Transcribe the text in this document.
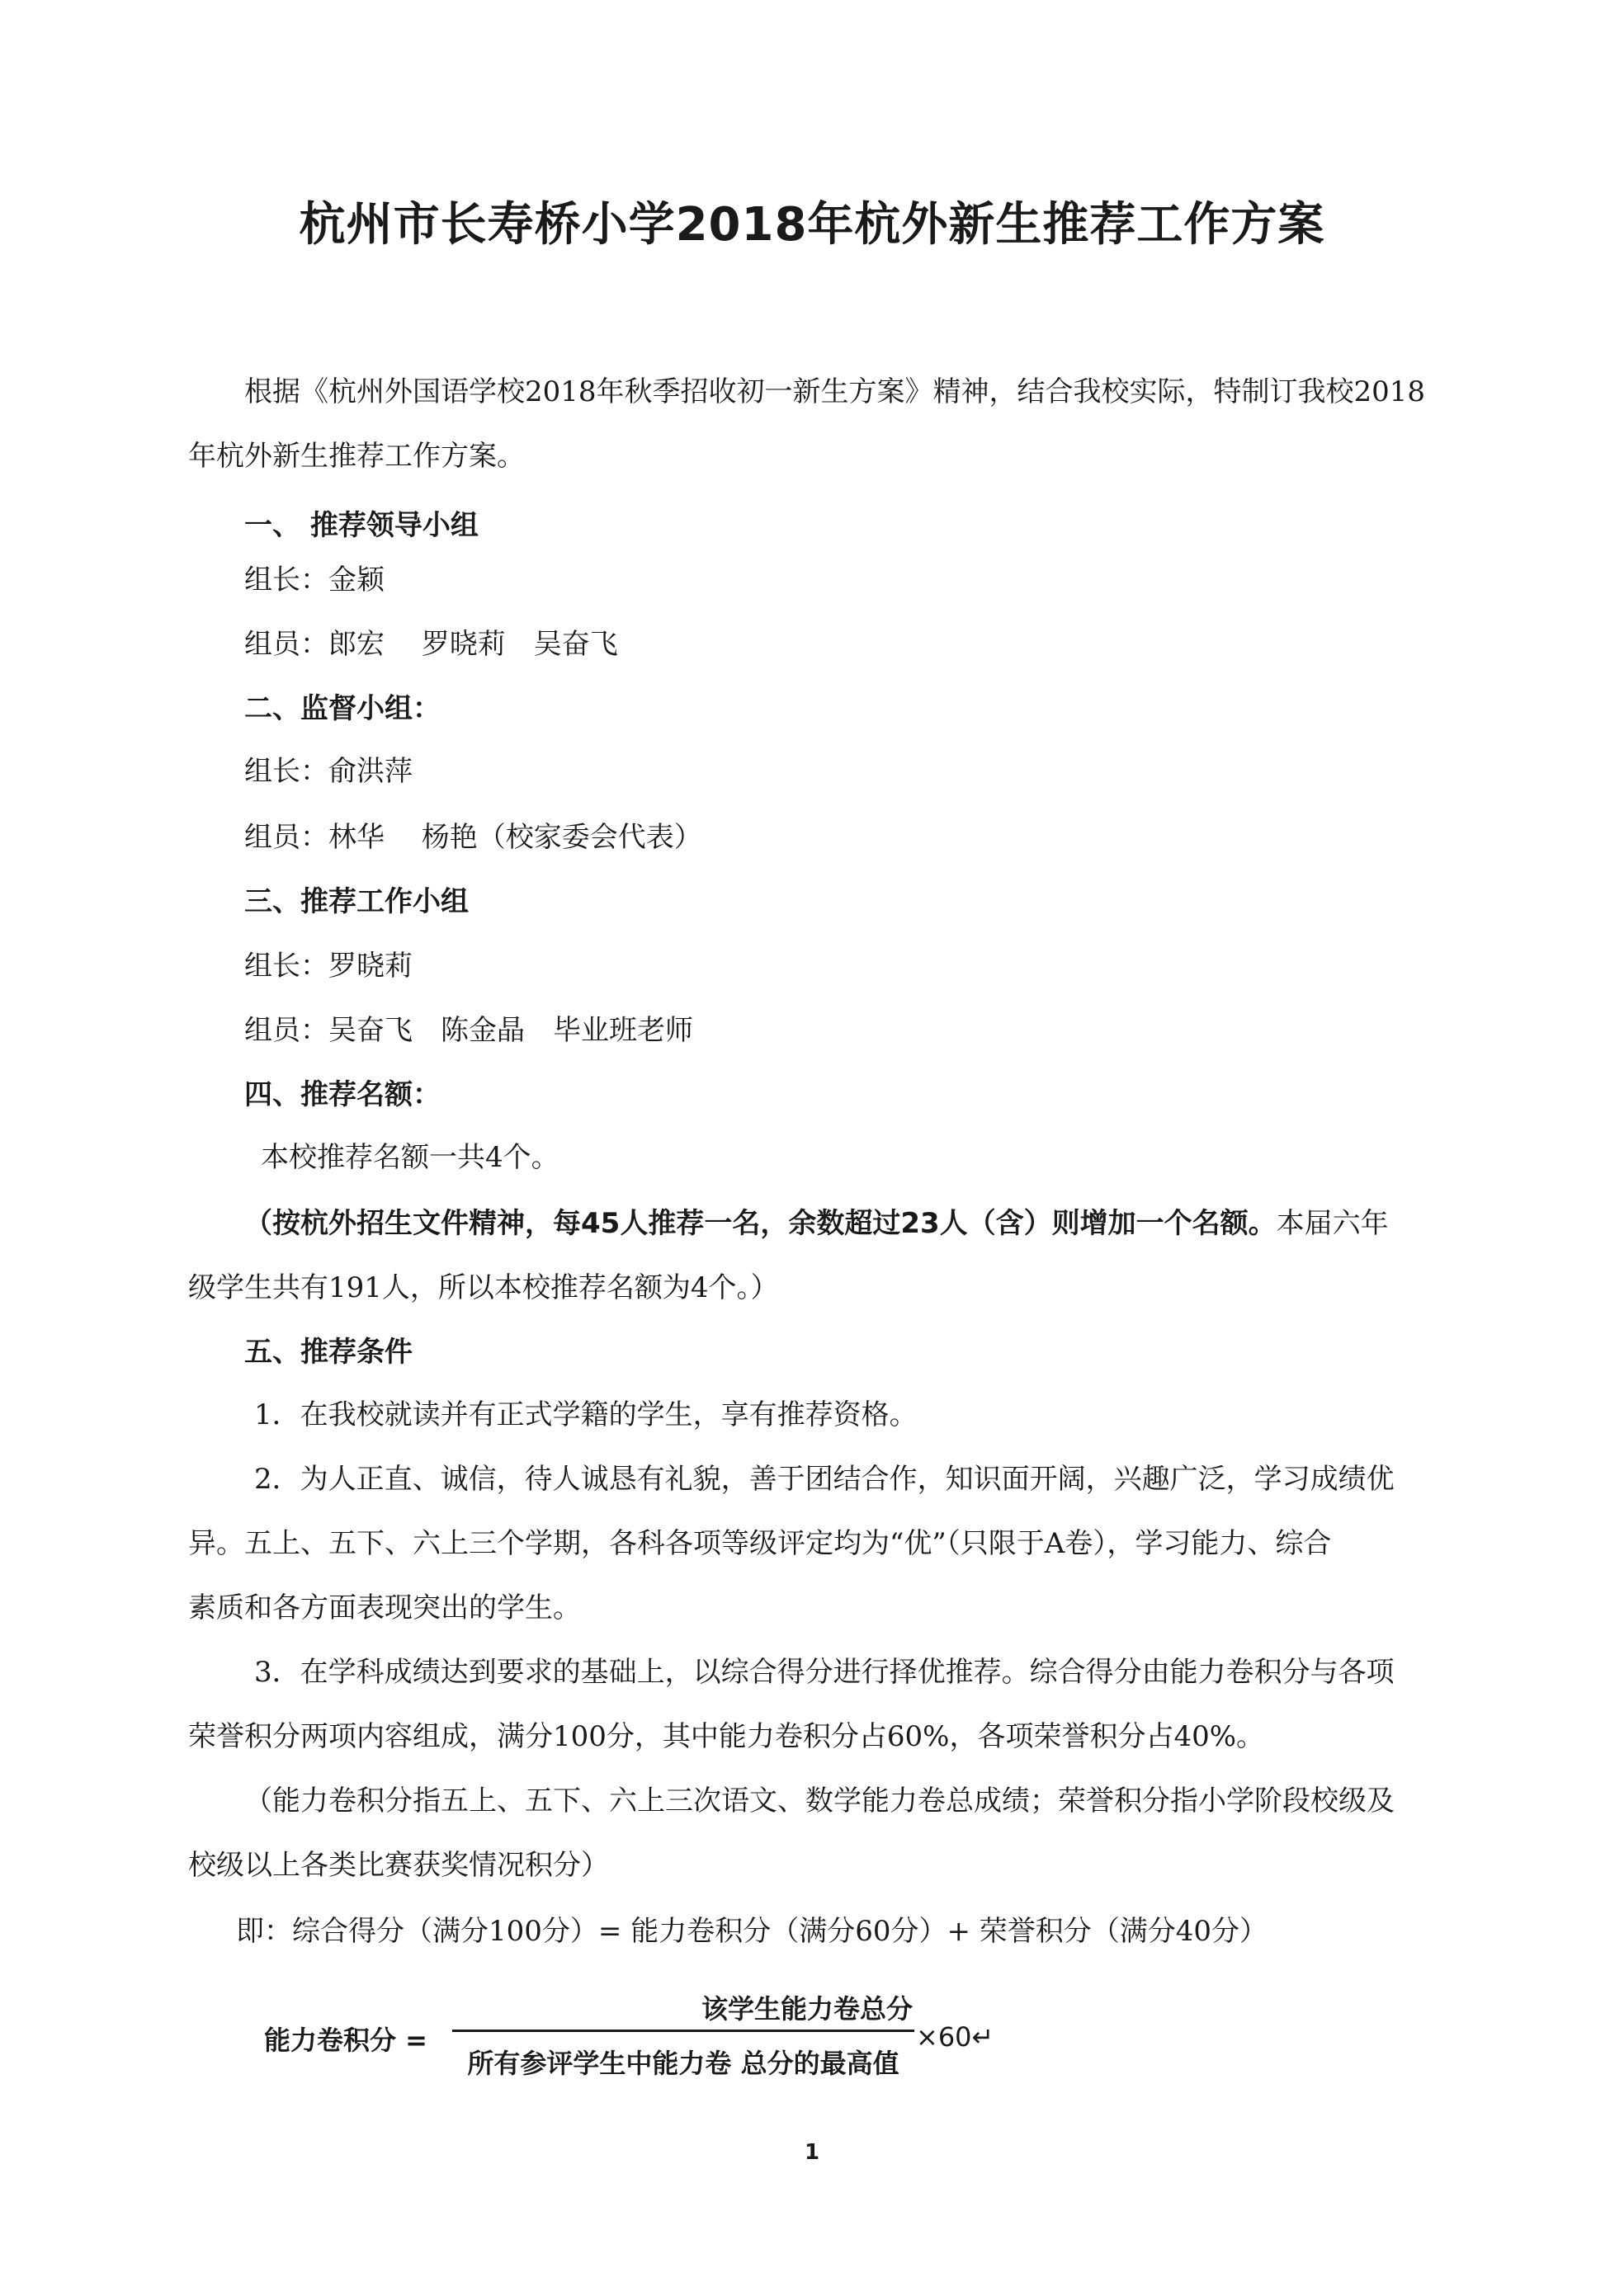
杭州市长寿桥小学2018年杭外新生推荐工作方案

根据《杭州外国语学校2018年秋季招收初一新生方案》精神，结合我校实际，特制订我校2018

年杭外新生推荐工作方案。

一、 推荐领导小组

组长：金颖

组员：郎宏　 罗晓莉　吴奋飞

二、监督小组：

组长：俞洪萍

组员：林华　 杨艳（校家委会代表）

三、推荐工作小组

组长：罗晓莉

组员：吴奋飞　陈金晶　毕业班老师

四、推荐名额：

本校推荐名额一共4个。

（按杭外招生文件精神，每45人推荐一名，余数超过23人（含）则增加一个名额。本届六年

级学生共有191人，所以本校推荐名额为4个。）

五、推荐条件

1．在我校就读并有正式学籍的学生，享有推荐资格。

2．为人正直、诚信，待人诚恳有礼貌，善于团结合作，知识面开阔，兴趣广泛，学习成绩优

异。五上、五下、六上三个学期，各科各项等级评定均为“优”（只限于A卷），学习能力、综合

素质和各方面表现突出的学生。

3．在学科成绩达到要求的基础上，以综合得分进行择优推荐。综合得分由能力卷积分与各项

荣誉积分两项内容组成，满分100分，其中能力卷积分占60%，各项荣誉积分占40%。

（能力卷积分指五上、五下、六上三次语文、数学能力卷总成绩；荣誉积分指小学阶段校级及

校级以上各类比赛获奖情况积分）

即：综合得分（满分100分）= 能力卷积分（满分60分）+ 荣誉积分（满分40分）

能力卷积分 =
该学生能力卷总分
所有参评学生中能力卷 总分的最高值
×60↵
1
